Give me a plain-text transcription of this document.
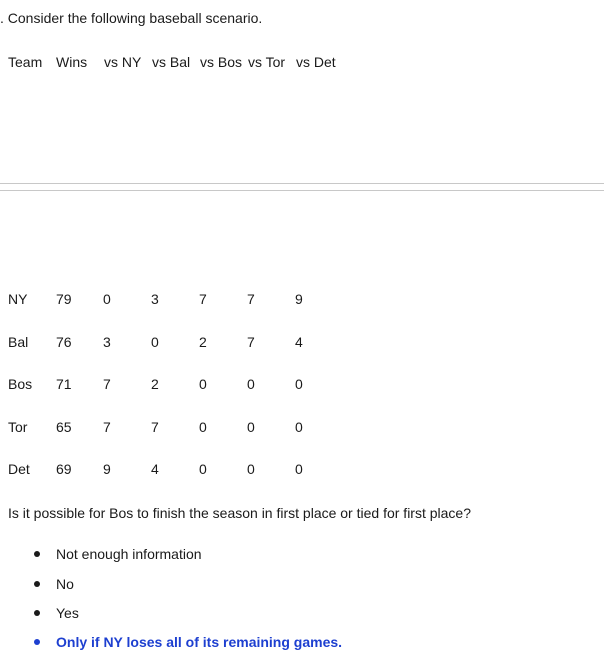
. Consider the following baseball scenario.
Team Wins vs NY vs Bal vs Bos vs Tor vs Det
NY 79 0	3	7	7	9
Bal 76 3	0	2	7	4
Bos 71 7	2	0	0	0
Tor 65 7	7	0	0	0
Det 69 9	4	0	0	0
Is it possible for Bos to finish the season in first place or tied for first place?
Not enough information
No
Yes
Only if NY loses all of its remaining games.
